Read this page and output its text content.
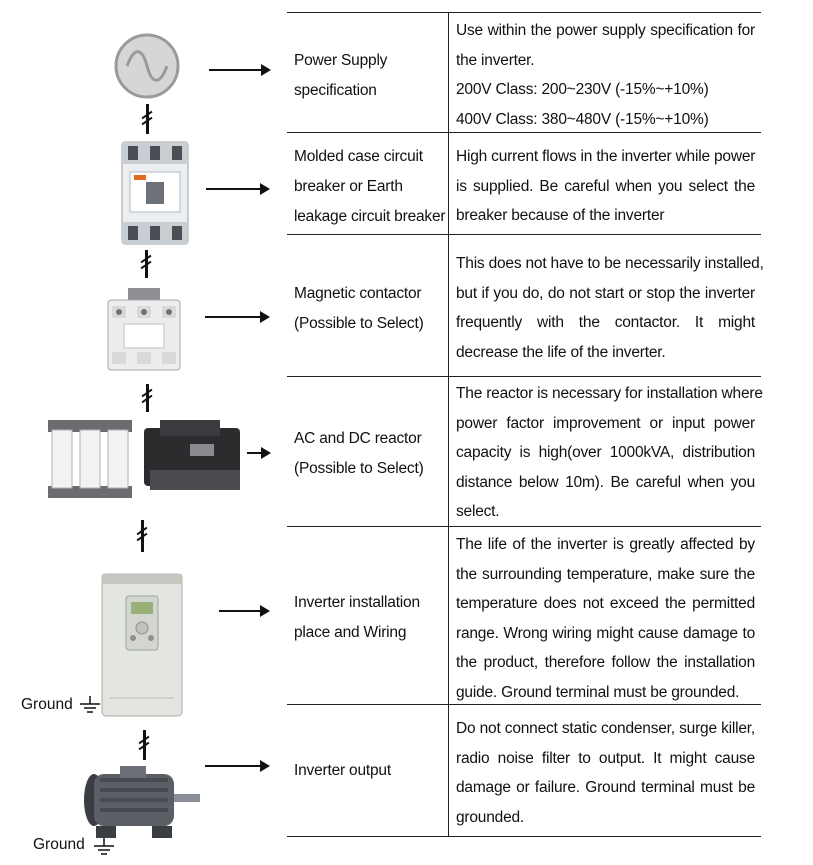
Power Supply
specification
Use within the power supply specification for
the inverter.
200V Class: 200~230V (-15%~+10%)
400V Class: 380~480V (-15%~+10%)
Molded case circuit
breaker or Earth
leakage circuit breaker
High current flows in the inverter while power
is supplied. Be careful when you select the
breaker because of the inverter
Magnetic contactor
(Possible to Select)
This does not have to be necessarily installed,
but if you do, do not start or stop the inverter
frequently with the contactor. It might
decrease the life of the inverter.
AC and DC reactor
(Possible to Select)
The reactor is necessary for installation where
power factor improvement or input power
capacity is high(over 1000kVA, distribution
distance below 10m). Be careful when you
select.
Inverter installation
place and Wiring
The life of the inverter is greatly affected by
the surrounding temperature, make sure the
temperature does not exceed the permitted
range. Wrong wiring might cause damage to
the product, therefore follow the installation
guide. Ground terminal must be grounded.
Inverter output
Do not connect static condenser, surge killer,
radio noise filter to output. It might cause
damage or failure. Ground terminal must be
grounded.
Ground
Ground
